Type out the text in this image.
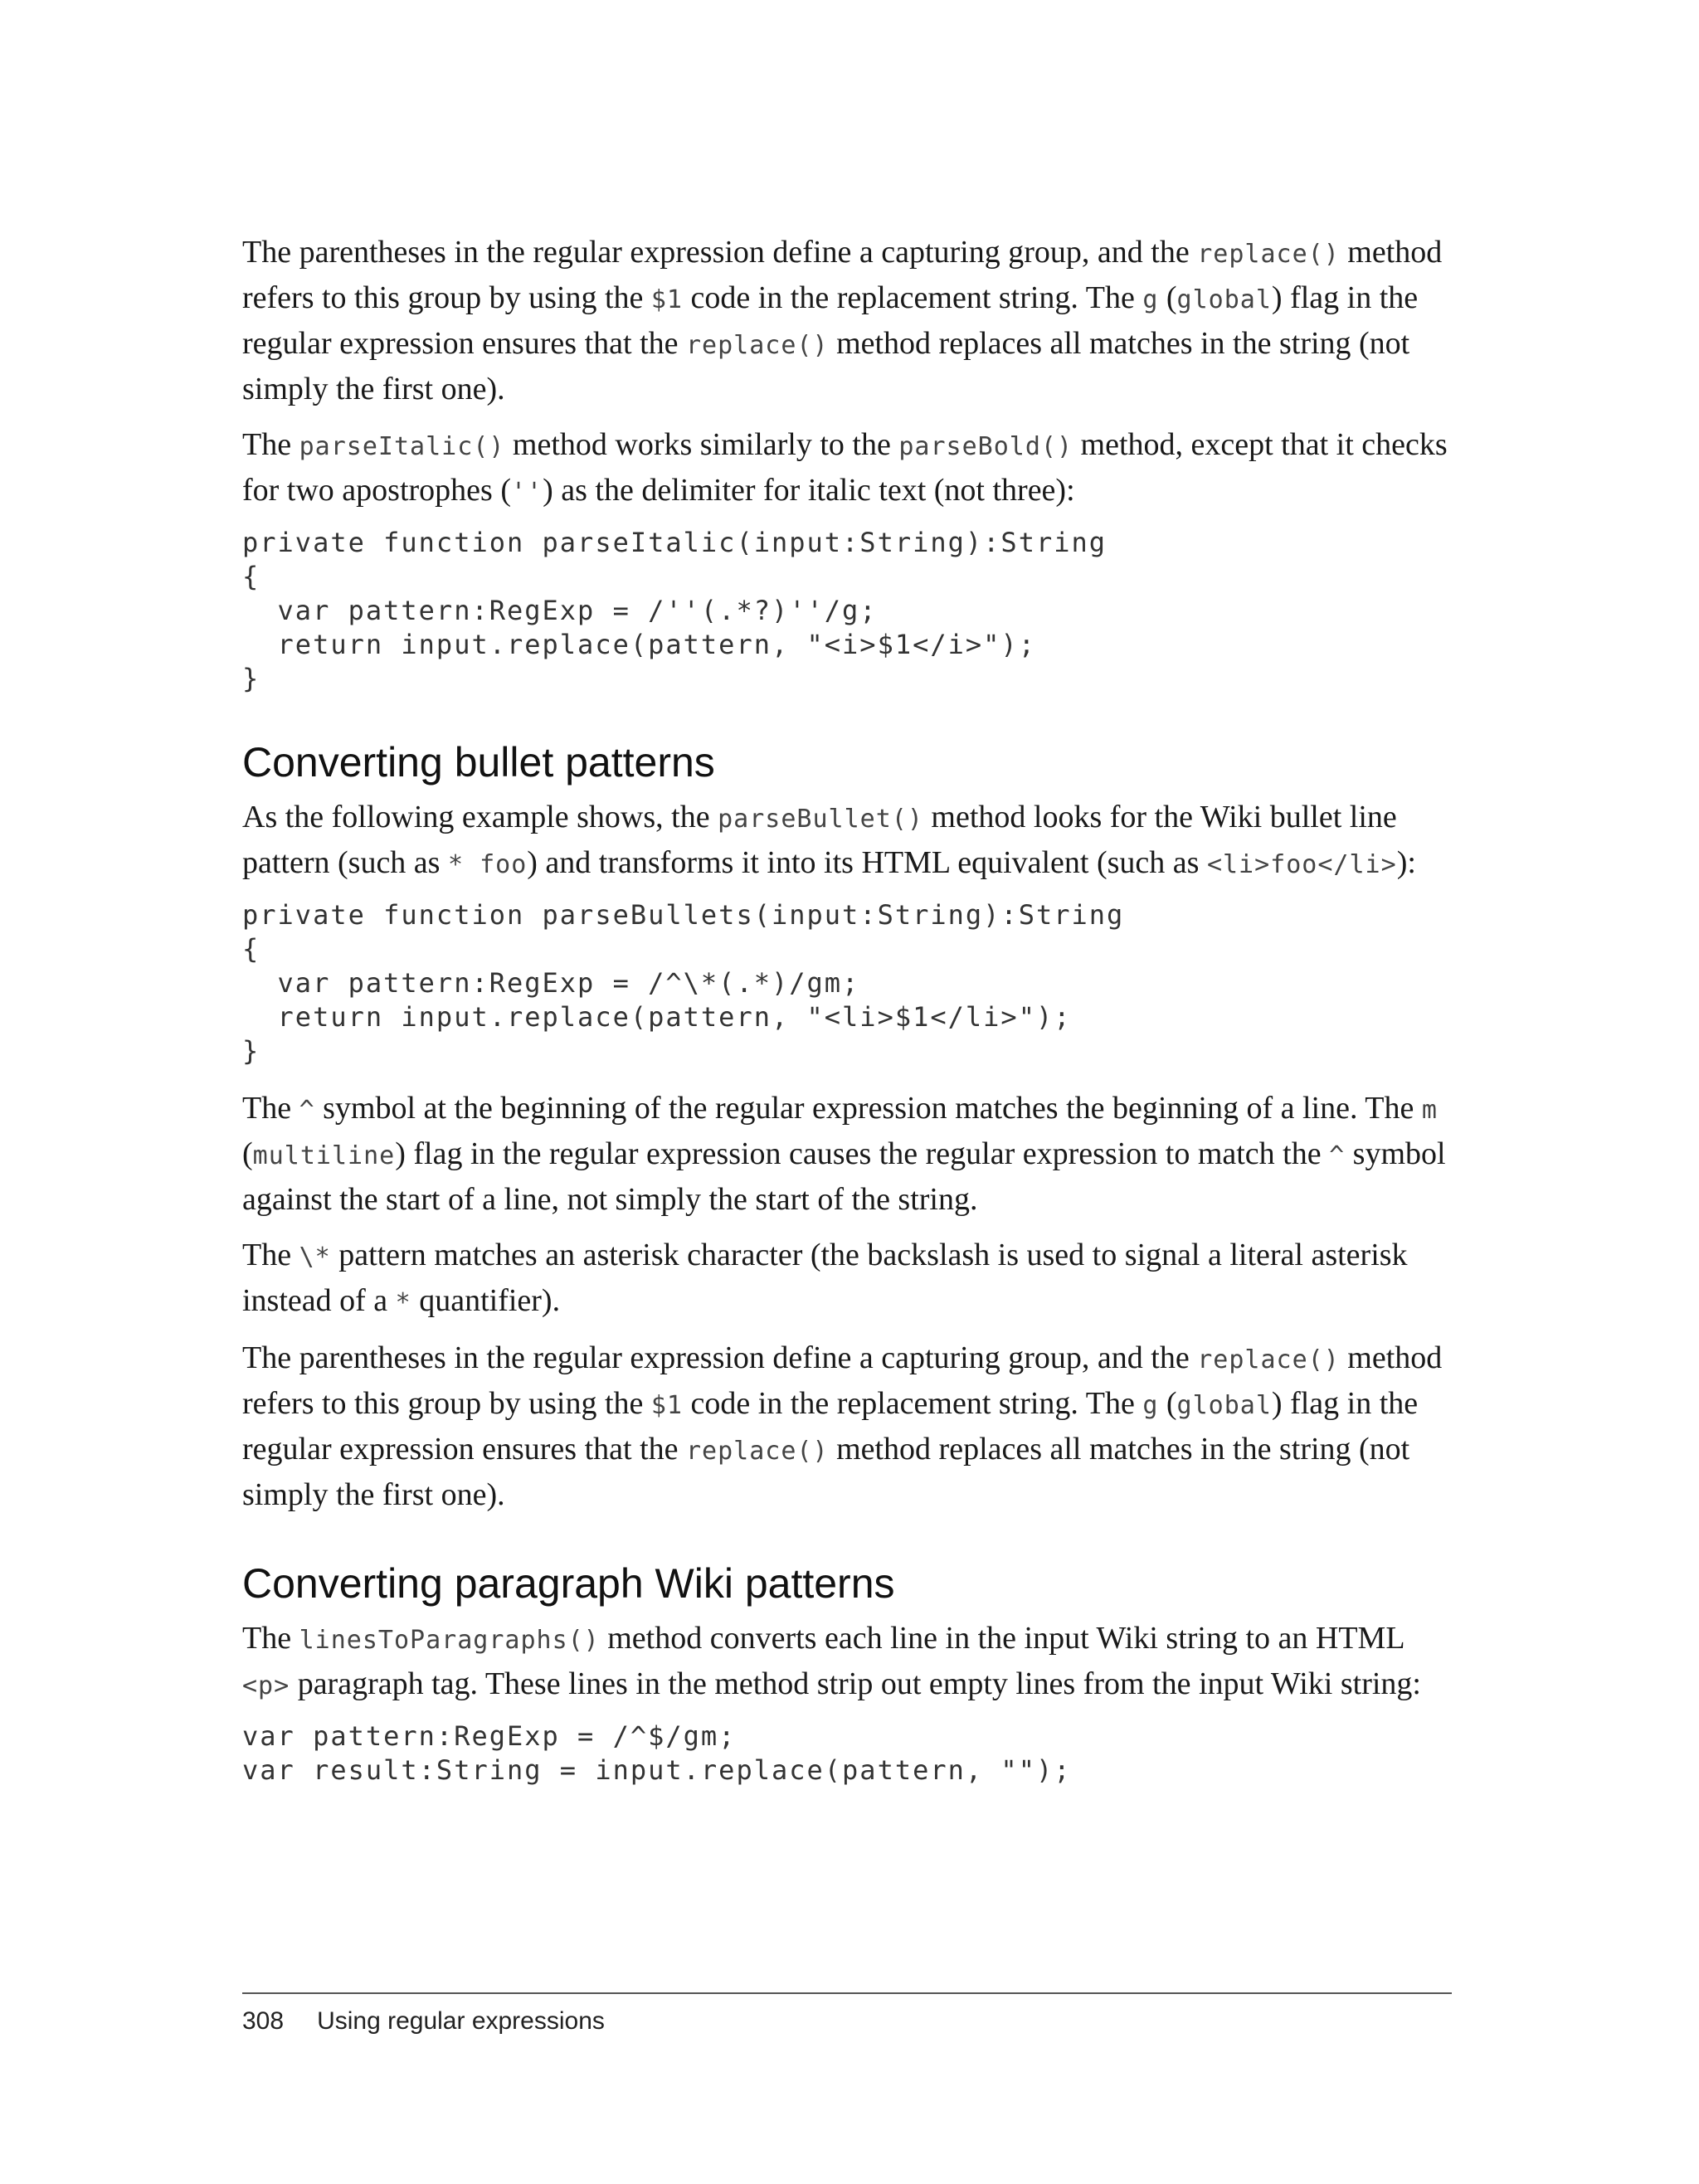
The parentheses in the regular expression define a capturing group, and the replace() method refers to this group by using the $1 code in the replacement string. The g (global) flag in the regular expression ensures that the replace() method replaces all matches in the string (not simply the first one).

The parseItalic() method works similarly to the parseBold() method, except that it checks for two apostrophes ('') as the delimiter for italic text (not three):

private function parseItalic(input:String):String
{
var pattern:RegExp = /''(.*?)''/g;
return input.replace(pattern, "<i>$1</i>");
}
Converting bullet patterns

As the following example shows, the parseBullet() method looks for the Wiki bullet line pattern (such as * foo) and transforms it into its HTML equivalent (such as <li>foo</li>):

private function parseBullets(input:String):String
{
var pattern:RegExp = /^\*(.*)/gm;
return input.replace(pattern, "<li>$1</li>");
}

The ^ symbol at the beginning of the regular expression matches the beginning of a line. The m (multiline) flag in the regular expression causes the regular expression to match the ^ symbol against the start of a line, not simply the start of the string.

The \* pattern matches an asterisk character (the backslash is used to signal a literal asterisk instead of a * quantifier).

The parentheses in the regular expression define a capturing group, and the replace() method refers to this group by using the $1 code in the replacement string. The g (global) flag in the regular expression ensures that the replace() method replaces all matches in the string (not simply the first one).

Converting paragraph Wiki patterns

The linesToParagraphs() method converts each line in the input Wiki string to an HTML <p> paragraph tag. These lines in the method strip out empty lines from the input Wiki string:

var pattern:RegExp = /^$/gm;
var result:String = input.replace(pattern, "");
308 Using regular expressions
